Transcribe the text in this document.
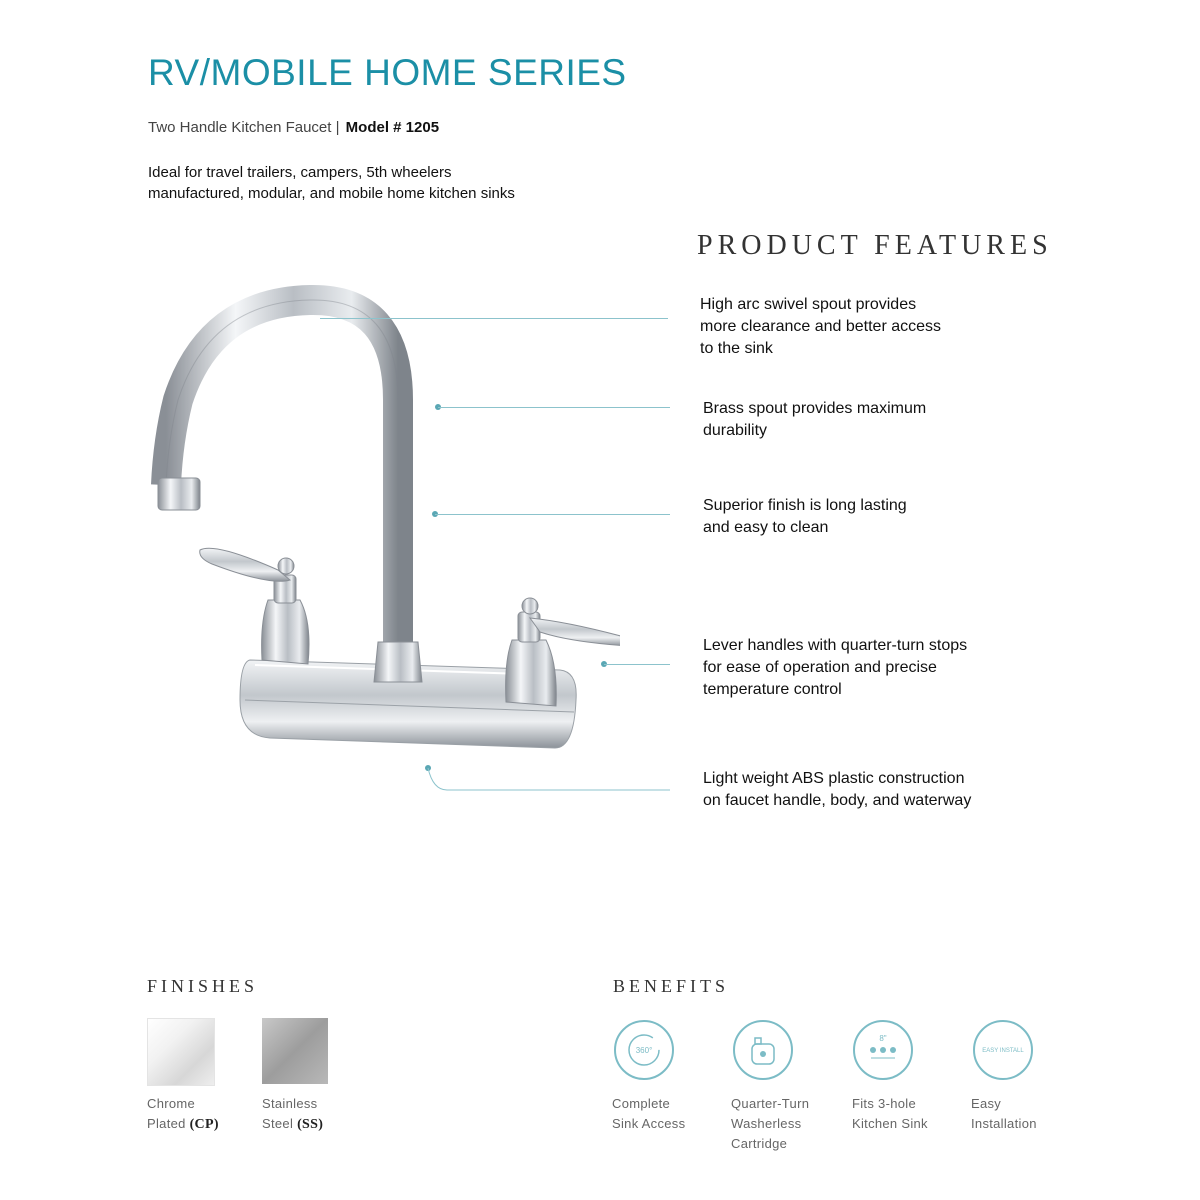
RV/MOBILE HOME SERIES
Two Handle Kitchen Faucet | Model # 1205
Ideal for travel trailers, campers, 5th wheelers
manufactured, modular, and mobile home kitchen sinks
PRODUCT FEATURES
High arc swivel spout provides
more clearance and better access
to the sink
Brass spout provides maximum
durability
Superior finish is long lasting
and easy to clean
Lever handles with quarter-turn stops
for ease of operation and precise
temperature control
Light weight ABS plastic construction
on faucet handle, body, and waterway
FINISHES
Chrome
Plated (CP)
Stainless
Steel (SS)
BENEFITS
360°
8"
EASY INSTALL
Complete
Sink Access
Quarter-Turn
Washerless
Cartridge
Fits 3-hole
Kitchen Sink
Easy
Installation
